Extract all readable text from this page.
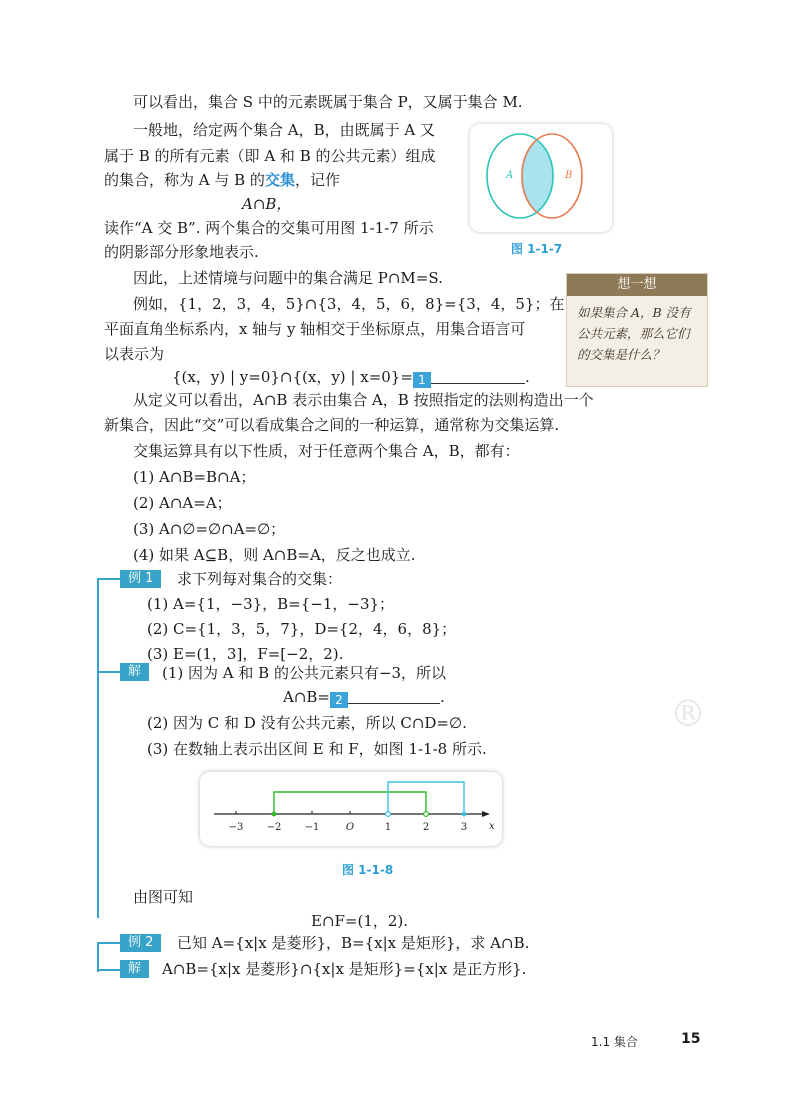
®
可以看出，集合 S 中的元素既属于集合 P，又属于集合 M.
一般地，给定两个集合 A，B，由既属于 A 又
属于 B 的所有元素（即 A 和 B 的公共元素）组成
的集合，称为 A 与 B 的交集，记作
A∩B，
读作“A 交 B”. 两个集合的交集可用图 1-1-7 所示
的阴影部分形象地表示.
A	B
图 1-1-7
因此，上述情境与问题中的集合满足 P∩M=S.
例如，{1，2，3，4，5}∩{3，4，5，6，8}={3，4，5}；在
平面直角坐标系内，x 轴与 y 轴相交于坐标原点，用集合语言可
以表示为
{(x，y) | y=0}∩{(x，y) | x=0}= 1	.
想一想
如果集合 A，B 没有公共元素，那么它们的交集是什么？
从定义可以看出，A∩B 表示由集合 A，B 按照指定的法则构造出一个
新集合，因此“交”可以看成集合之间的一种运算，通常称为交集运算.
交集运算具有以下性质，对于任意两个集合 A，B，都有：
(1) A∩B=B∩A；
(2) A∩A=A；
(3) A∩∅=∅∩A=∅；
(4) 如果 A⊆B，则 A∩B=A，反之也成立.
例 1	求下列每对集合的交集：
(1) A={1，−3}，B={−1，−3}；
(2) C={1，3，5，7}，D={2，4，6，8}；
(3) E=(1，3]，F=[−2，2).
解	(1) 因为 A 和 B 的公共元素只有−3，所以
A∩B= 2	.
(2) 因为 C 和 D 没有公共元素，所以 C∩D=∅.
(3) 在数轴上表示出区间 E 和 F，如图 1-1-8 所示.
x
−3 −2 −1	O	1	2	3
图 1-1-8
由图可知
E∩F=(1，2).
例 2	已知 A={x|x 是菱形}，B={x|x 是矩形}，求 A∩B.
解	A∩B={x|x 是菱形}∩{x|x 是矩形}={x|x 是正方形}.
1.1 集合	15
